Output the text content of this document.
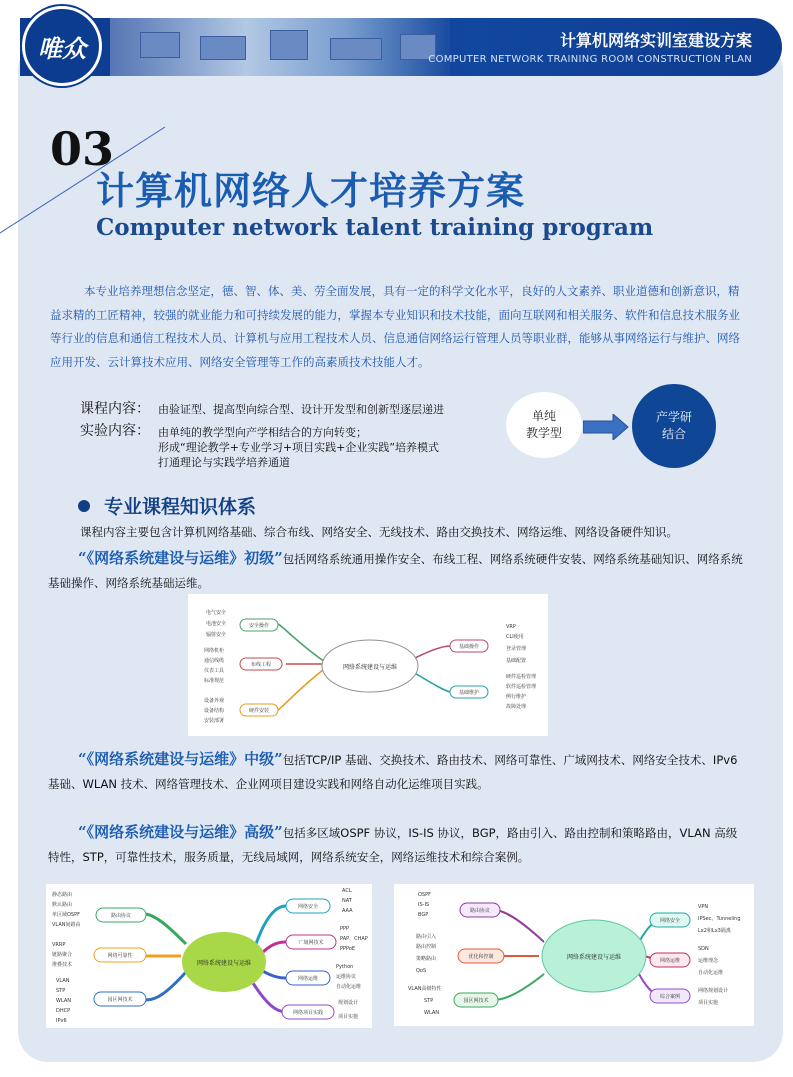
计算机网络实训室建设方案
COMPUTER NETWORK TRAINING ROOM CONSTRUCTION PLAN
唯众
03
计算机网络人才培养方案
Computer network talent training program

本专业培养理想信念坚定，德、智、体、美、劳全面发展，具有一定的科学文化水平，良好的人文素养、职业道德和创新意识，精益求精的工匠精神，较强的就业能力和可持续发展的能力，掌握本专业知识和技术技能，面向互联网和相关服务、软件和信息技术服务业等行业的信息和通信工程技术人员、计算机与应用工程技术人员、信息通信网络运行管理人员等职业群，能够从事网络运行与维护、网络应用开发、云计算技术应用、网络安全管理等工作的高素质技术技能人才。

课程内容： 由验证型、提高型向综合型、设计开发型和创新型逐层递进
实验内容： 由单纯的教学型向产学相结合的方向转变；
形成“理论教学+专业学习+项目实践+企业实践”培养模式
打通理论与实践学培养通道
单纯
教学型
产学研
结合
专业课程知识体系
课程内容主要包含计算机网络基础、综合布线、网络安全、无线技术、路由交换技术、网络运维、网络设备硬件知识。
“《网络系统建设与运维》初级”包括网络系统通用操作安全、布线工程、网络系统硬件安装、网络系统基础知识、网络系统基础操作、网络系统基础运维。
网络系统建设与运维
安全操作
电气安全
电池安全
辐射安全
布线工程
网络机柜
通信线缆
仪表工具
标准规范
硬件安装
设备外观
设备结构
安装部署
基础操作
VRP
CLI使用
登录管理
基础配置
基础维护
硬件巡检管理
软件巡检管理
例行维护
故障处理
“《网络系统建设与运维》中级”包括TCP/IP 基础、交换技术、路由技术、网络可靠性、广域网技术、网络安全技术、IPv6 基础、WLAN 技术、网络管理技术、企业网项目建设实践和网络自动化运维项目实践。
“《网络系统建设与运维》高级”包括多区域OSPF 协议，IS-IS 协议，BGP，路由引入、路由控制和策略路由，VLAN 高级特性，STP，可靠性技术，服务质量，无线局域网，网络系统安全，网络运维技术和综合案例。
网络系统建设与运维
路由协议
静态路由
默认路由
单区域OSPF
VLAN间路由
网络可靠性
VRRP
链路聚合
堆叠技术
园区网技术
VLAN
STP
WLAN
DHCP
IPv6
网络安全
ACL
NAT
AAA
广域网技术
PPP
PAP、CHAP
PPPoE
网络运维
Python
运维协议
自动化运维
网络项目实践
规划设计
项目实施
网络系统建设与运维
路由协议
OSPF
IS-IS
BGP
优化和控制
路由引入
路由控制
策略路由
QoS
园区网技术
VLAN高级特性
STP
WLAN
网络安全
VPN
IPSec、Tunneling
Lx2和Lx3隔离
网络运维
SDN
运维理念
自动化运维
综合案例
网络规划设计
项目实施
